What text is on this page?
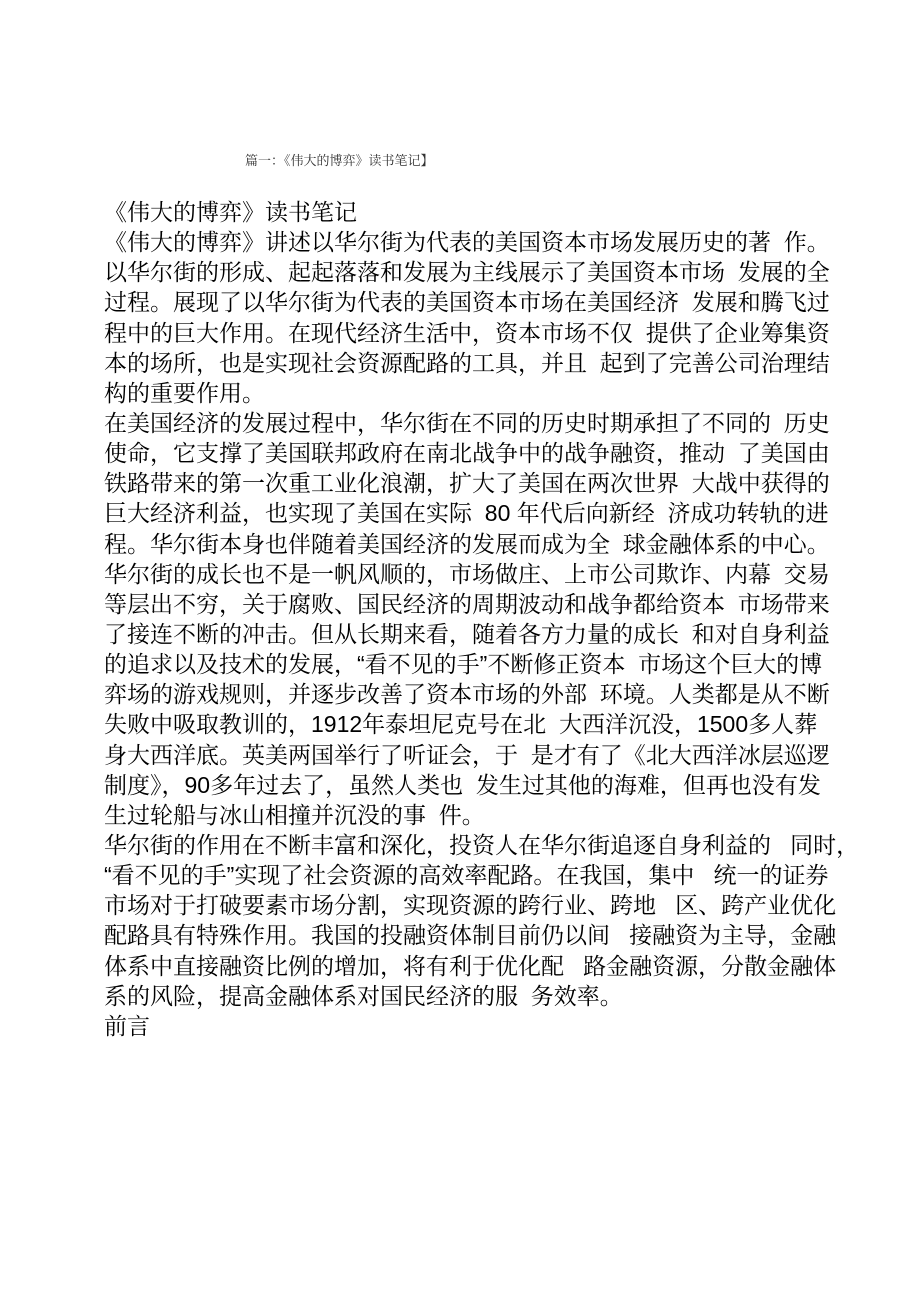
篇一：《伟大的博弈》读书笔记】
《伟大的博弈》读书笔记
《伟大的博弈》讲述以华尔街为代表的美国资本市场发展历史的著  作。
以华尔街的形成、起起落落和发展为主线展示了美国资本市场  发展的全
过程。展现了以华尔街为代表的美国资本市场在美国经济  发展和腾飞过
程中的巨大作用。在现代经济生活中，资本市场不仅  提供了企业筹集资
本的场所，也是实现社会资源配路的工具，并且  起到了完善公司治理结
构的重要作用。
在美国经济的发展过程中，华尔街在不同的历史时期承担了不同的  历史
使命，它支撑了美国联邦政府在南北战争中的战争融资，推动  了美国由
铁路带来的第一次重工业化浪潮，扩大了美国在两次世界  大战中获得的
巨大经济利益，也实现了美国在实际  80 年代后向新经  济成功转轨的进
程。华尔街本身也伴随着美国经济的发展而成为全  球金融体系的中心。
华尔街的成长也不是一帆风顺的，市场做庄、上市公司欺诈、内幕  交易
等层出不穷，关于腐败、国民经济的周期波动和战争都给资本  市场带来
了接连不断的冲击。但从长期来看，随着各方力量的成长  和对自身利益
的追求以及技术的发展，“看不见的手”不断修正资本  市场这个巨大的博
弈场的游戏规则，并逐步改善了资本市场的外部  环境。人类都是从不断
失败中吸取教训的，1912年泰坦尼克号在北  大西洋沉没，1500多人葬
身大西洋底。英美两国举行了听证会，于  是才有了《北大西洋冰层巡逻
制度》，90多年过去了，虽然人类也  发生过其他的海难，但再也没有发
生过轮船与冰山相撞并沉没的事  件。
华尔街的作用在不断丰富和深化，投资人在华尔街追逐自身利益的   同时，
“看不见的手”实现了社会资源的高效率配路。在我国，集中   统一的证券
市场对于打破要素市场分割，实现资源的跨行业、跨地   区、跨产业优化
配路具有特殊作用。我国的投融资体制目前仍以间   接融资为主导，金融
体系中直接融资比例的增加，将有利于优化配   路金融资源，分散金融体
系的风险，提高金融体系对国民经济的服  务效率。
前言
